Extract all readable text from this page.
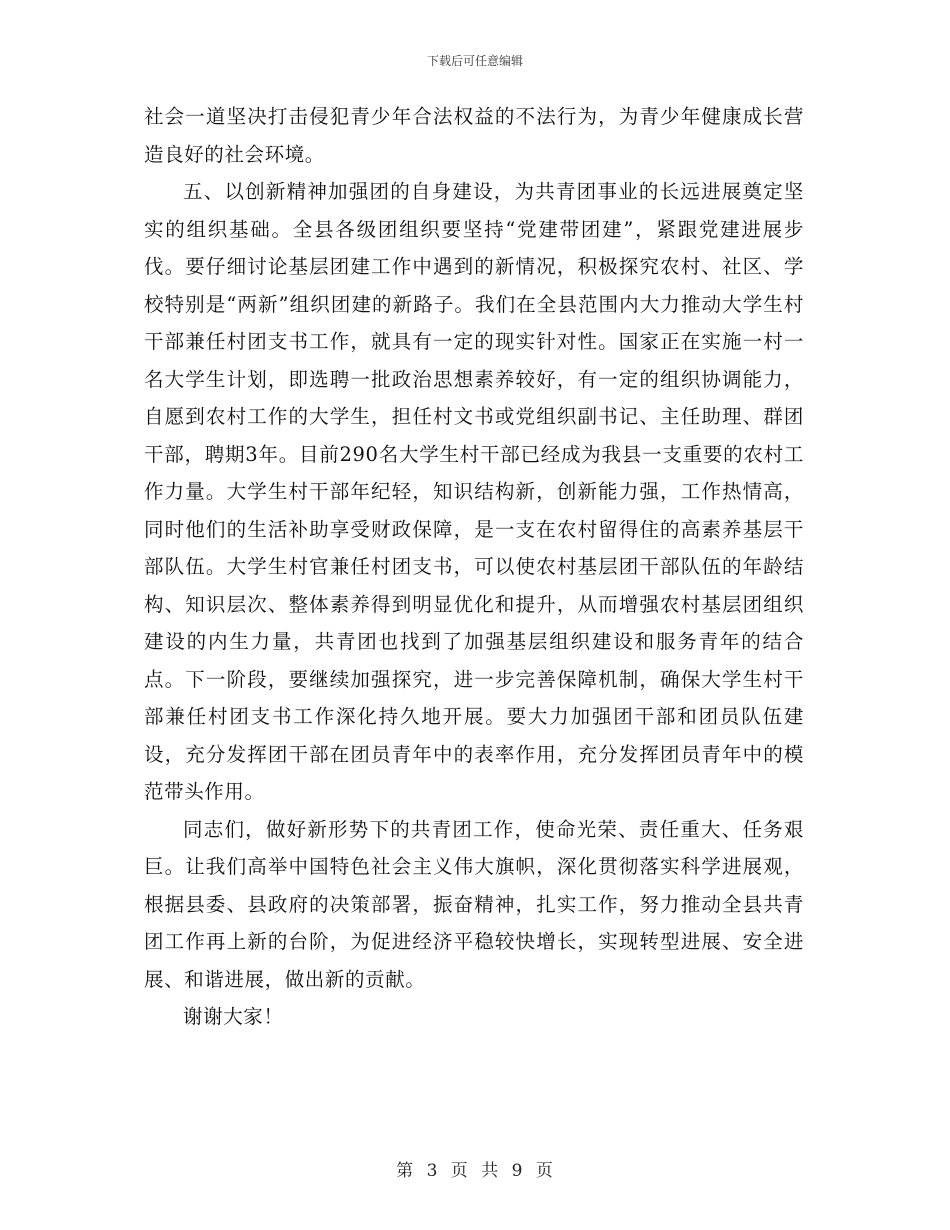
下载后可任意编辑

社会一道坚决打击侵犯青少年合法权益的不法行为，为青少年健康成长营造良好的社会环境。

五、以创新精神加强团的自身建设，为共青团事业的长远进展奠定坚实的组织基础。全县各级团组织要坚持“党建带团建”，紧跟党建进展步伐。要仔细讨论基层团建工作中遇到的新情况，积极探究农村、社区、学校特别是“两新”组织团建的新路子。我们在全县范围内大力推动大学生村干部兼任村团支书工作，就具有一定的现实针对性。国家正在实施一村一名大学生计划，即选聘一批政治思想素养较好，有一定的组织协调能力，自愿到农村工作的大学生，担任村文书或党组织副书记、主任助理、群团干部，聘期3年。目前290名大学生村干部已经成为我县一支重要的农村工作力量。大学生村干部年纪轻，知识结构新，创新能力强，工作热情高，同时他们的生活补助享受财政保障，是一支在农村留得住的高素养基层干部队伍。大学生村官兼任村团支书，可以使农村基层团干部队伍的年龄结构、知识层次、整体素养得到明显优化和提升，从而增强农村基层团组织建设的内生力量，共青团也找到了加强基层组织建设和服务青年的结合点。下一阶段，要继续加强探究，进一步完善保障机制，确保大学生村干部兼任村团支书工作深化持久地开展。要大力加强团干部和团员队伍建设，充分发挥团干部在团员青年中的表率作用，充分发挥团员青年中的模范带头作用。

同志们，做好新形势下的共青团工作，使命光荣、责任重大、任务艰巨。让我们高举中国特色社会主义伟大旗帜，深化贯彻落实科学进展观，根据县委、县政府的决策部署，振奋精神，扎实工作，努力推动全县共青团工作再上新的台阶，为促进经济平稳较快增长，实现转型进展、安全进展、和谐进展，做出新的贡献。

谢谢大家！

第 3 页 共 9 页
